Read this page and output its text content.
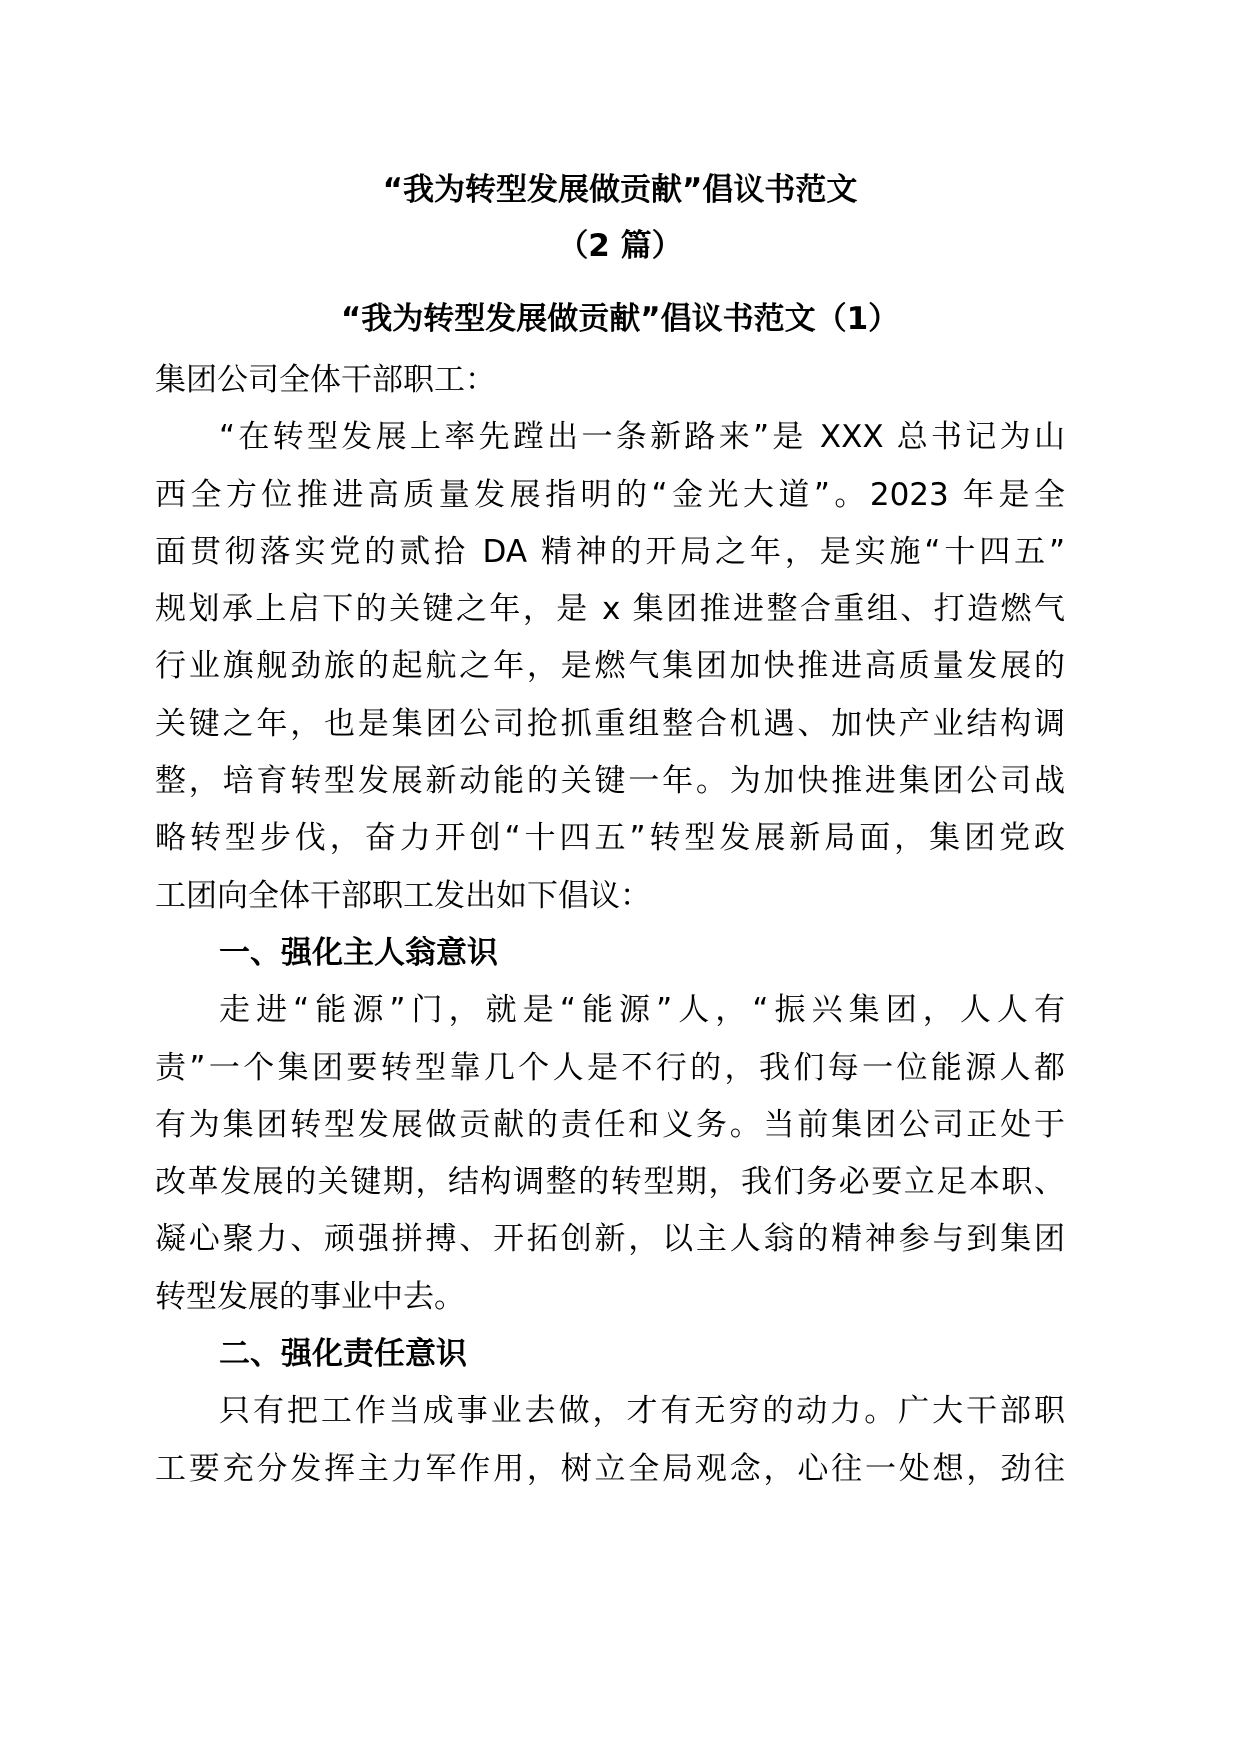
“我为转型发展做贡献”倡议书范文
（2 篇）
“我为转型发展做贡献”倡议书范文（1）
集团公司全体干部职工：
“在转型发展上率先蹚出一条新路来”是 XXX 总书记为山
西全方位推进高质量发展指明的“金光大道”。2023 年是全
面贯彻落实党的贰拾 DA 精神的开局之年，是实施“十四五”
规划承上启下的关键之年，是 x 集团推进整合重组、打造燃气
行业旗舰劲旅的起航之年，是燃气集团加快推进高质量发展的
关键之年，也是集团公司抢抓重组整合机遇、加快产业结构调
整，培育转型发展新动能的关键一年。为加快推进集团公司战
略转型步伐，奋力开创“十四五”转型发展新局面，集团党政
工团向全体干部职工发出如下倡议：
一、强化主人翁意识
走进“能源”门，就是“能源”人，“振兴集团，人人有
责”一个集团要转型靠几个人是不行的，我们每一位能源人都
有为集团转型发展做贡献的责任和义务。当前集团公司正处于
改革发展的关键期，结构调整的转型期，我们务必要立足本职、
凝心聚力、顽强拼搏、开拓创新，以主人翁的精神参与到集团
转型发展的事业中去。
二、强化责任意识
只有把工作当成事业去做，才有无穷的动力。广大干部职
工要充分发挥主力军作用，树立全局观念，心往一处想，劲往
